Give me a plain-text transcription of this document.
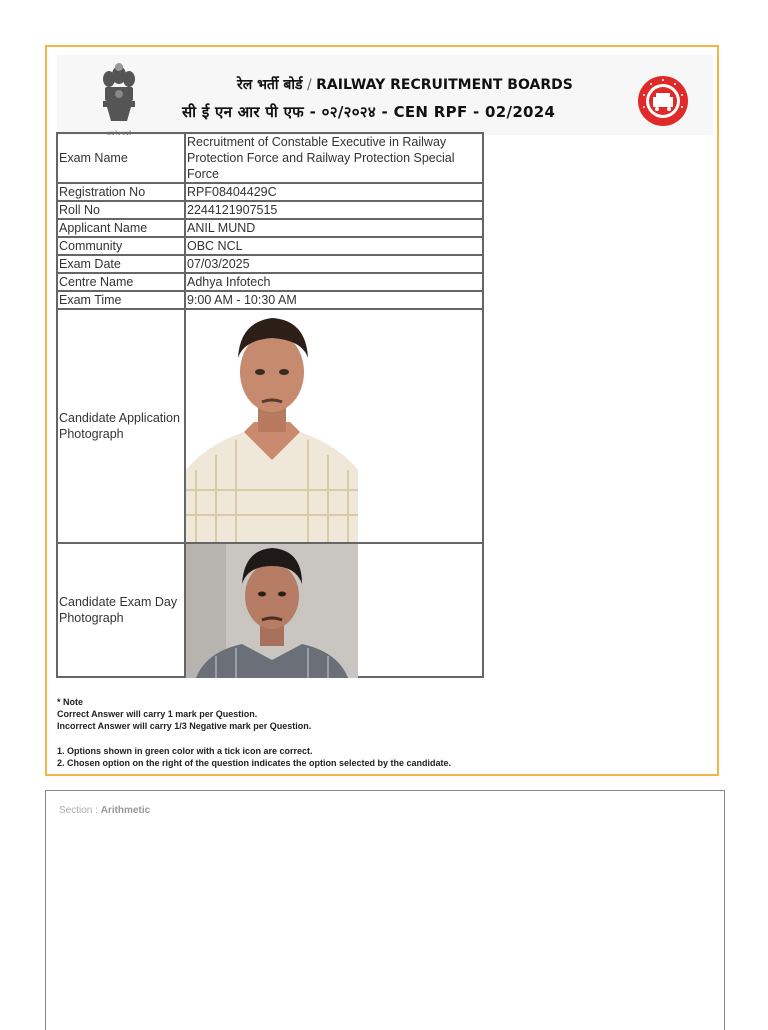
सत्यमेव जयते
रेल भर्ती बोर्ड / RAILWAY RECRUITMENT BOARDS
सी ई एन आर पी एफ - ०२/२०२४ - CEN RPF - 02/2024
Exam Name	Recruitment of Constable Executive in Railway Protection Force and Railway Protection Special Force
Registration No	RPF08404429C
Roll No	2244121907515
Applicant Name	ANIL MUND
Community	OBC NCL
Exam Date	07/03/2025
Centre Name	Adhya Infotech
Exam Time	9:00 AM - 10:30 AM
Candidate Application Photograph	

Candidate Exam Day Photograph	

* Note

Correct Answer will carry 1 mark per Question.

Incorrect Answer will carry 1/3 Negative mark per Question.

1. Options shown in green color with a tick icon are correct.

2. Chosen option on the right of the question indicates the option selected by the candidate.

Section : Arithmetic
